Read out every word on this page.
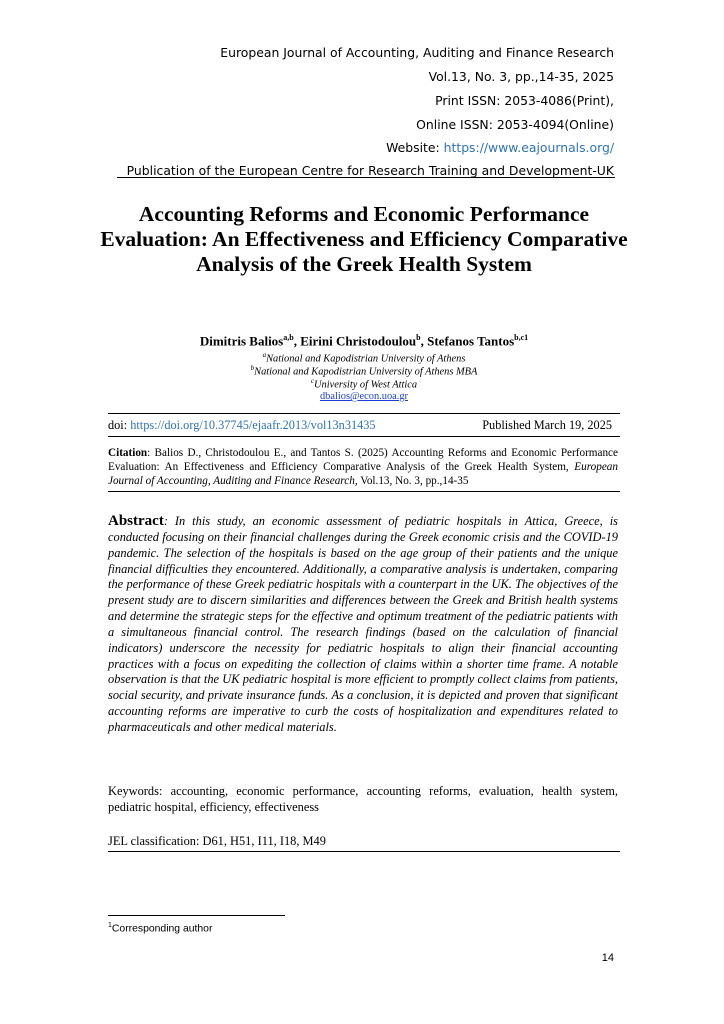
European Journal of Accounting, Auditing and Finance Research
Vol.13, No. 3, pp.,14-35, 2025
Print ISSN: 2053-4086(Print),
Online ISSN: 2053-4094(Online)
Website: https://www.eajournals.org/
Publication of the European Centre for Research Training and Development-UK
Accounting Reforms and Economic Performance Evaluation: An Effectiveness and Efficiency Comparative Analysis of the Greek Health System
Dimitris Balios$^{a,b}$, Eirini Christodoulou$^b$, Stefanos Tantos$^{b,c1}$
$^a$National and Kapodistrian University of Athens
$^b$National and Kapodistrian University of Athens MBA
$^c$University of West Attica
dbalios@econ.uoa.gr
doi: https://doi.org/10.37745/ejaafr.2013/vol13n31435	Published March 19, 2025
Citation: Balios D., Christodoulou E., and Tantos S. (2025) Accounting Reforms and Economic Performance Evaluation: An Effectiveness and Efficiency Comparative Analysis of the Greek Health System, European Journal of Accounting, Auditing and Finance Research, Vol.13, No. 3, pp.,14-35
Abstract: In this study, an economic assessment of pediatric hospitals in Attica, Greece, is conducted focusing on their financial challenges during the Greek economic crisis and the COVID-19 pandemic. The selection of the hospitals is based on the age group of their patients and the unique financial difficulties they encountered. Additionally, a comparative analysis is undertaken, comparing the performance of these Greek pediatric hospitals with a counterpart in the UK. The objectives of the present study are to discern similarities and differences between the Greek and British health systems and determine the strategic steps for the effective and optimum treatment of the pediatric patients with a simultaneous financial control. The research findings (based on the calculation of financial indicators) underscore the necessity for pediatric hospitals to align their financial accounting practices with a focus on expediting the collection of claims within a shorter time frame. A notable observation is that the UK pediatric hospital is more efficient to promptly collect claims from patients, social security, and private insurance funds. As a conclusion, it is depicted and proven that significant accounting reforms are imperative to curb the costs of hospitalization and expenditures related to pharmaceuticals and other medical materials.
Keywords: accounting, economic performance, accounting reforms, evaluation, health system, pediatric hospital, efficiency, effectiveness
JEL classification: D61, H51, I11, I18, M49
$^1$Corresponding author
14
